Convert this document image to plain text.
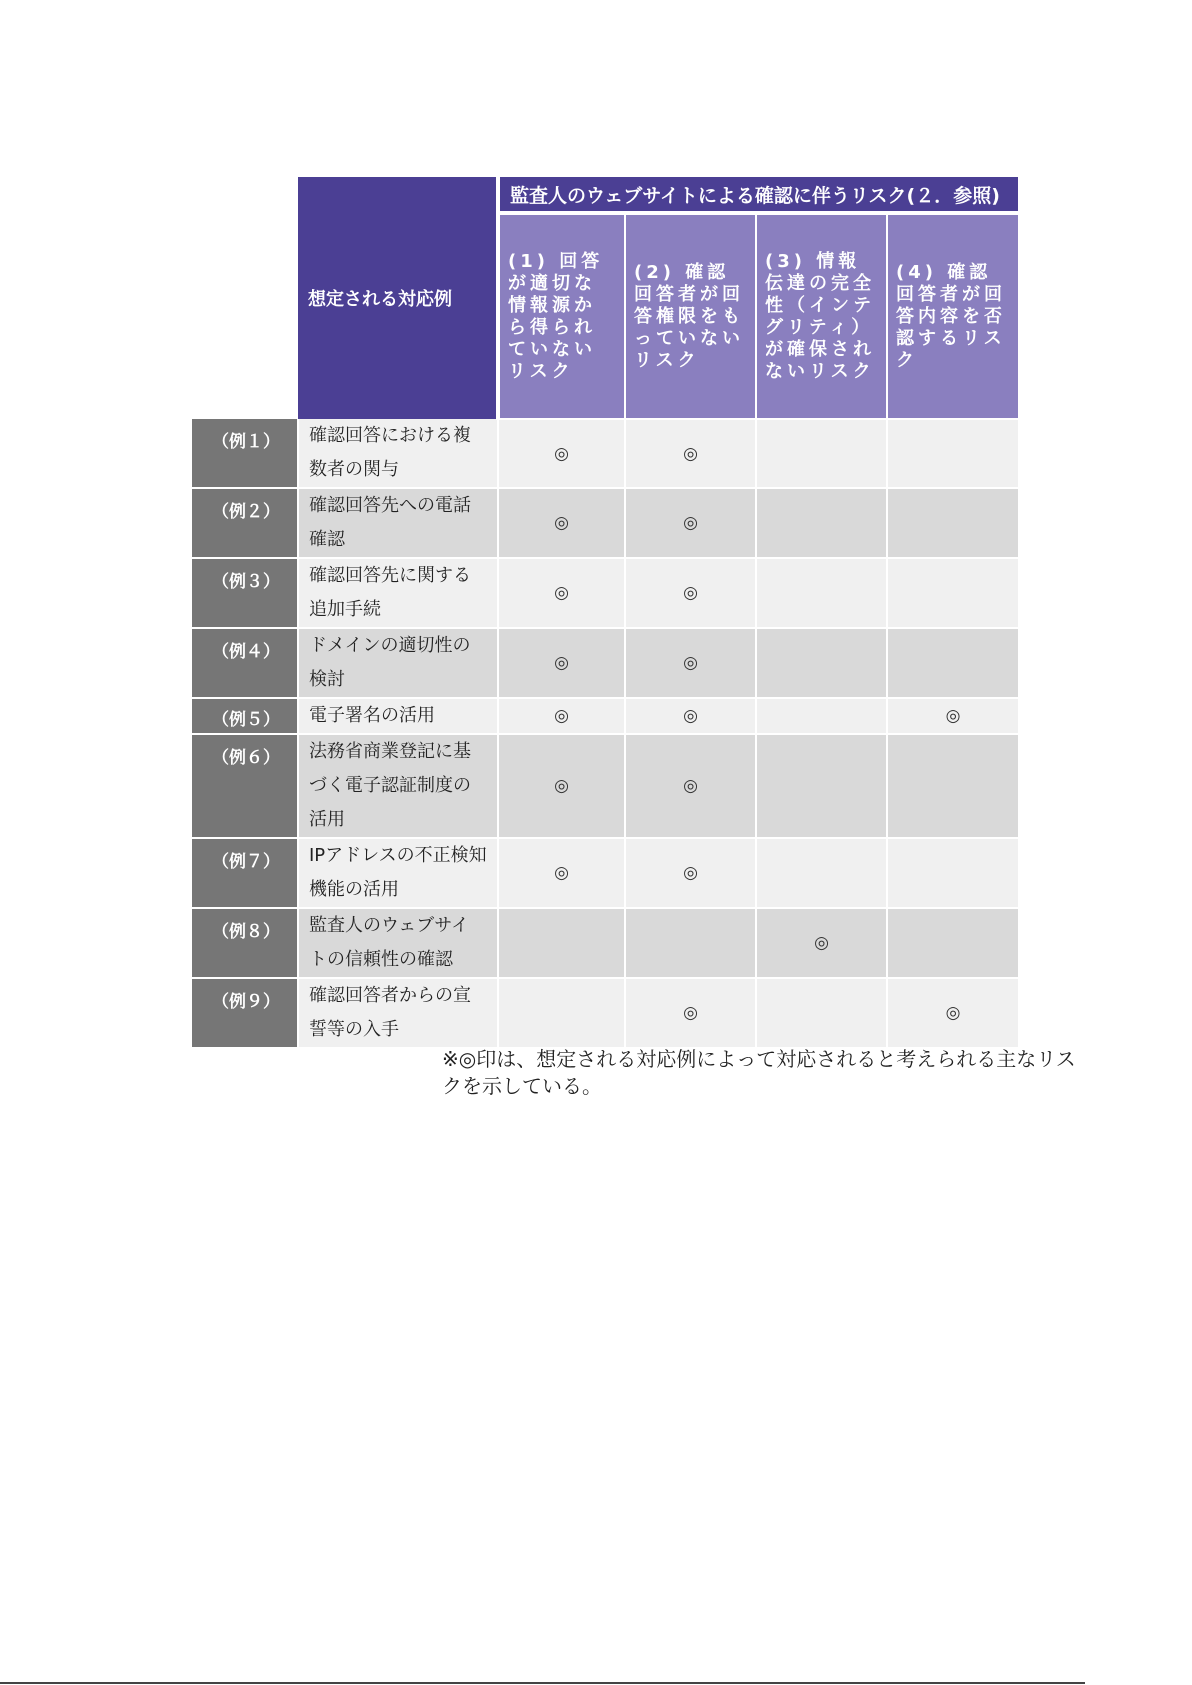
	想定される対応例	監査人のウェブサイトによる確認に伴うリスク(２．参照)			
		(1) 回答が適切な情報源から得られていないリスク	(2) 確認回答者が回答権限をもっていないリスク	(3) 情報伝達の完全性（インテグリティ）が確保されないリスク	(4) 確認回答者が回答内容を否認するリスク
（例１）	確認回答における複数者の関与	◎	◎		
（例２）	確認回答先への電話確認	◎	◎		
（例３）	確認回答先に関する追加手続	◎	◎		
（例４）	ドメインの適切性の検討	◎	◎		
（例５）	電子署名の活用	◎	◎		◎
（例６）	法務省商業登記に基づく電子認証制度の活用	◎	◎		
（例７）	IPアドレスの不正検知機能の活用	◎	◎		
（例８）	監査人のウェブサイトの信頼性の確認			◎	
（例９）	確認回答者からの宣誓等の入手		◎		◎
※◎印は、想定される対応例によって対応されると考えられる主なリスクを示している。
